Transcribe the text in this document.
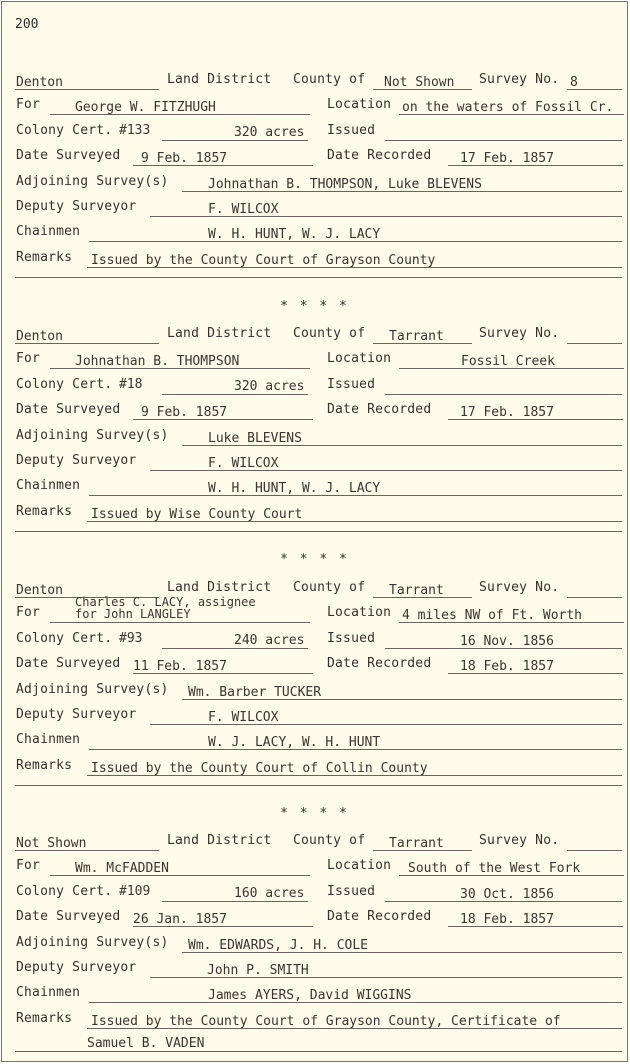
200
* * * *
* * * *
* * * *
Denton	Land District County of Not Shown Survey No. 8
For	George W. FITZHUGH	Location on the waters of Fossil Cr.
Colony Cert. #133	320 acres Issued
Date Surveyed 9 Feb. 1857	Date Recorded 17 Feb. 1857
Adjoining Survey(s)	Johnathan B. THOMPSON, Luke BLEVENS
Deputy Surveyor	F. WILCOX
Chainmen	W. H. HUNT, W. J. LACY
Remarks Issued by the County Court of Grayson County
Denton	Land District County of Tarrant	Survey No.
For	Johnathan B. THOMPSON	Location	Fossil Creek
Colony Cert. #18	320 acres Issued
Date Surveyed 9 Feb. 1857	Date Recorded 17 Feb. 1857
Adjoining Survey(s)	Luke BLEVENS
Deputy Surveyor	F. WILCOX
Chainmen	W. H. HUNT, W. J. LACY
Remarks Issued by Wise County Court
Denton	Land District County of Tarrant	Survey No.
For
Charles C. LACY, assignee
for John LANGLEY	Location 4 miles NW of Ft. Worth
Colony Cert. #93	240 acres Issued	16 Nov. 1856
Date Surveyed 11 Feb. 1857	Date Recorded 18 Feb. 1857
Adjoining Survey(s) Wm. Barber TUCKER
Deputy Surveyor	F. WILCOX
Chainmen	W. J. LACY, W. H. HUNT
Remarks Issued by the County Court of Collin County
Not Shown	Land District County of Tarrant	Survey No.
For	Wm. McFADDEN	Location South of the West Fork
Colony Cert. #109	160 acres Issued	30 Oct. 1856
Date Surveyed 26 Jan. 1857	Date Recorded 18 Feb. 1857
Adjoining Survey(s) Wm. EDWARDS, J. H. COLE
Deputy Surveyor	John P. SMITH
Chainmen	James AYERS, David WIGGINS
Remarks Issued by the County Court of Grayson County, Certificate of
Samuel B. VADEN
